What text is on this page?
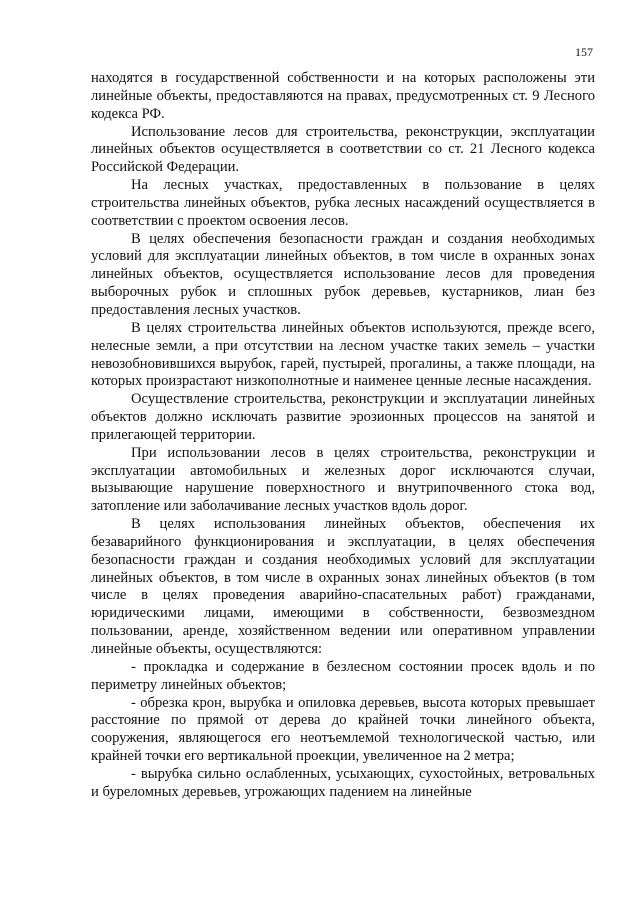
157

находятся в государственной собственности и на которых расположены эти линейные объекты, предоставляются на правах, предусмотренных ст. 9 Лесного кодекса РФ.

Использование лесов для строительства, реконструкции, эксплуатации линейных объектов осуществляется в соответствии со ст. 21 Лесного кодекса Российской Федерации.

На лесных участках, предоставленных в пользование в целях строительства линейных объектов, рубка лесных насаждений осуществляется в соответствии с проектом освоения лесов.

В целях обеспечения безопасности граждан и создания необходимых условий для эксплуатации линейных объектов, в том числе в охранных зонах линейных объектов, осуществляется использование лесов для проведения выборочных рубок и сплошных рубок деревьев, кустарников, лиан без предоставления лесных участков.

В целях строительства линейных объектов используются, прежде всего, нелесные земли, а при отсутствии на лесном участке таких земель – участки невозобновившихся вырубок, гарей, пустырей, прогалины, а также площади, на которых произрастают низкополнотные и наименее ценные лесные насаждения.

Осуществление строительства, реконструкции и эксплуатации линейных объектов должно исключать развитие эрозионных процессов на занятой и прилегающей территории.

При использовании лесов в целях строительства, реконструкции и эксплуатации автомобильных и железных дорог исключаются случаи, вызывающие нарушение поверхностного и внутрипочвенного стока вод, затопление или заболачивание лесных участков вдоль дорог.

В целях использования линейных объектов, обеспечения их безаварийного функционирования и эксплуатации, в целях обеспечения безопасности граждан и создания необходимых условий для эксплуатации линейных объектов, в том числе в охранных зонах линейных объектов (в том числе в целях проведения аварийно-спасательных работ) гражданами, юридическими лицами, имеющими в собственности, безвозмездном пользовании, аренде, хозяйственном ведении или оперативном управлении линейные объекты, осуществляются:

- прокладка и содержание в безлесном состоянии просек вдоль и по периметру линейных объектов;

- обрезка крон, вырубка и опиловка деревьев, высота которых превышает расстояние по прямой от дерева до крайней точки линейного объекта, сооружения, являющегося его неотъемлемой технологической частью, или крайней точки его вертикальной проекции, увеличенное на 2 метра;

- вырубка сильно ослабленных, усыхающих, сухостойных, ветровальных и буреломных деревьев, угрожающих падением на линейные
